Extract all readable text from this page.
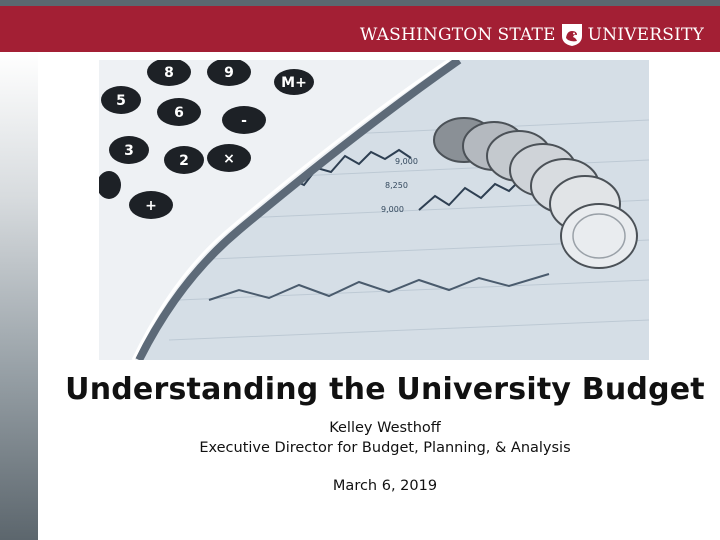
WASHINGTON STATE UNIVERSITY
9,000
8,250
9,000
8	9
5
6
M+
-
×
2
3
+
Understanding the University Budget
Kelley Westhoff
Executive Director for Budget, Planning, & Analysis
March 6, 2019
